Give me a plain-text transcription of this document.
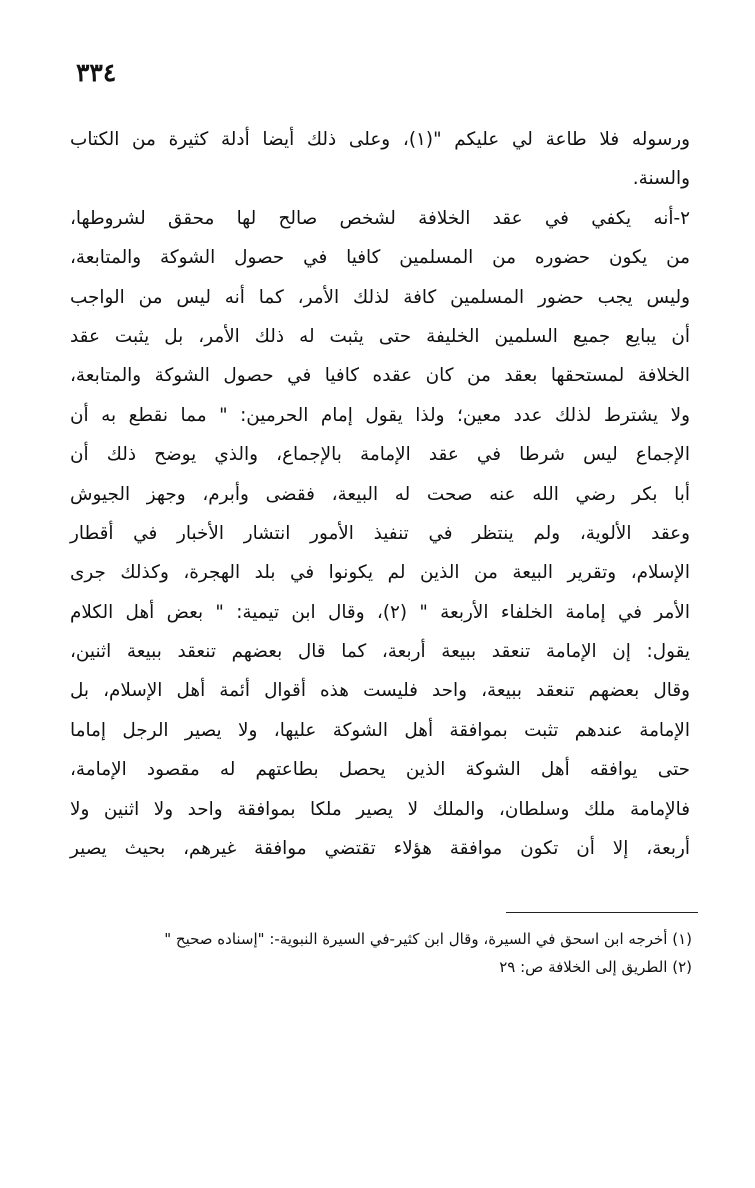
٣٣٤
ورسوله فلا طاعة لي عليكم "(١)، وعلى ذلك أيضا أدلة كثيرة من الكتاب
والسنة.
٢-أنه يكفي في عقد الخلافة لشخص صالح لها محقق لشروطها،
من يكون حضوره من المسلمين كافيا في حصول الشوكة والمتابعة،
وليس يجب حضور المسلمين كافة لذلك الأمر، كما أنه ليس من الواجب
أن يبايع جميع السلمين الخليفة حتى يثبت له ذلك الأمر، بل يثبت عقد
الخلافة لمستحقها بعقد من كان عقده كافيا في حصول الشوكة والمتابعة،
ولا يشترط لذلك عدد معين؛ ولذا يقول إمام الحرمين: " مما نقطع به أن
الإجماع ليس شرطا في عقد الإمامة بالإجماع، والذي يوضح ذلك أن
أبا بكر رضي الله عنه صحت له البيعة، فقضى وأبرم، وجهز الجيوش
وعقد الألوية، ولم ينتظر في تنفيذ الأمور انتشار الأخبار في أقطار
الإسلام، وتقرير البيعة من الذين لم يكونوا في بلد الهجرة، وكذلك جرى
الأمر في إمامة الخلفاء الأربعة " (٢)، وقال ابن تيمية: " بعض أهل الكلام
يقول: إن الإمامة تنعقد ببيعة أربعة، كما قال بعضهم تنعقد ببيعة اثنين،
وقال بعضهم تنعقد ببيعة، واحد فليست هذه أقوال أئمة أهل الإسلام، بل
الإمامة عندهم تثبت بموافقة أهل الشوكة عليها، ولا يصير الرجل إماما
حتى يوافقه أهل الشوكة الذين يحصل بطاعتهم له مقصود الإمامة،
فالإمامة ملك وسلطان، والملك لا يصير ملكا بموافقة واحد ولا اثنين ولا
أربعة، إلا أن تكون موافقة هؤلاء تقتضي موافقة غيرهم، بحيث يصير
(١) أخرجه ابن اسحق في السيرة، وقال ابن كثير-في السيرة النبوية-: "إسناده صحيح "
(٢) الطريق إلى الخلافة ص: ٢٩
